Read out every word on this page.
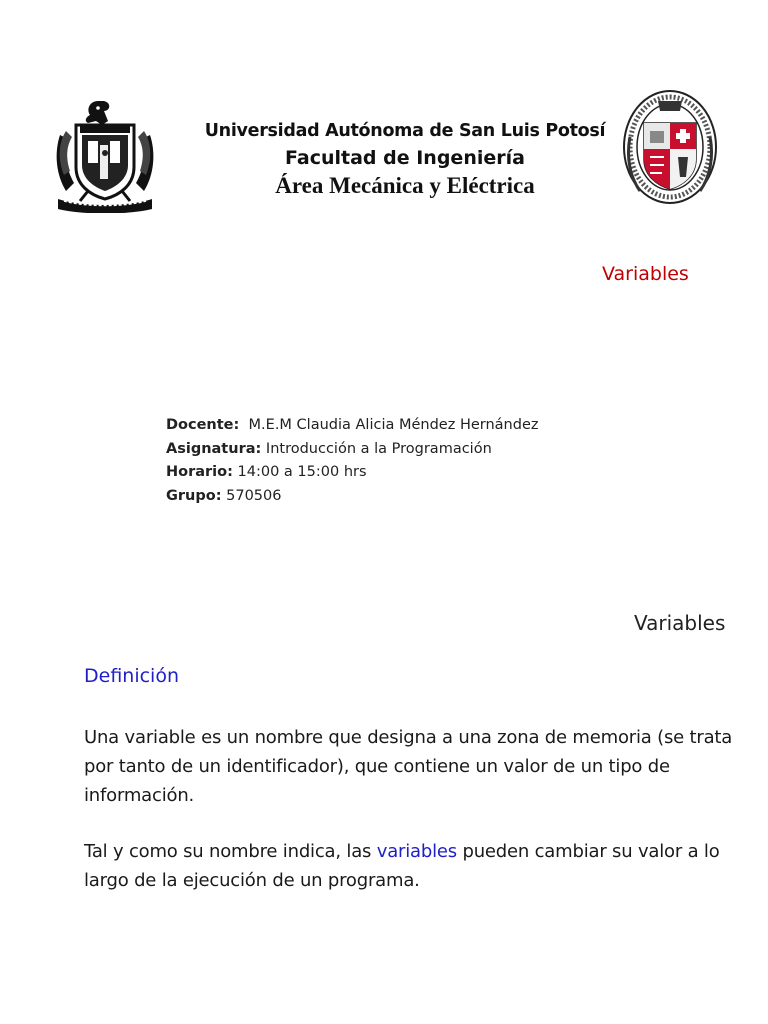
Universidad Autónoma de San Luis Potosí
Facultad de Ingeniería
Área Mecánica y Eléctrica
Variables
Docente: M.E.M Claudia Alicia Méndez Hernández
Asignatura: Introducción a la Programación
Horario: 14:00 a 15:00 hrs
Grupo: 570506
Variables
Definición
Una variable es un nombre que designa a una zona de memoria (se trata por tanto de un identificador), que contiene un valor de un tipo de información.
Tal y como su nombre indica, las variables pueden cambiar su valor a lo largo de la ejecución de un programa.
